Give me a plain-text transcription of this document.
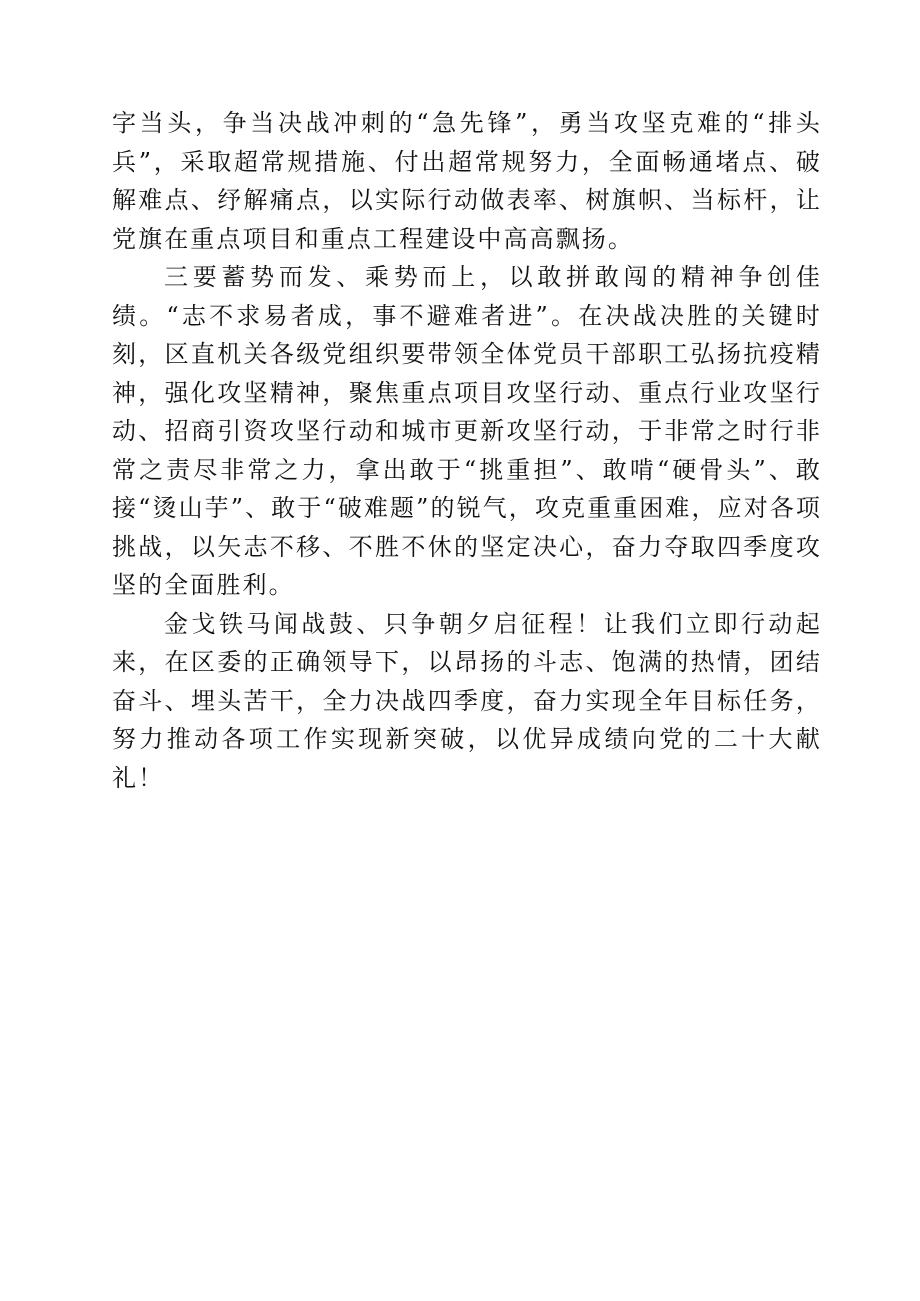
字当头，争当决战冲刺的“急先锋”，勇当攻坚克难的“排头兵”，采取超常规措施、付出超常规努力，全面畅通堵点、破解难点、纾解痛点，以实际行动做表率、树旗帜、当标杆，让党旗在重点项目和重点工程建设中高高飘扬。

三要蓄势而发、乘势而上，以敢拼敢闯的精神争创佳绩。“志不求易者成，事不避难者进”。在决战决胜的关键时刻，区直机关各级党组织要带领全体党员干部职工弘扬抗疫精神，强化攻坚精神，聚焦重点项目攻坚行动、重点行业攻坚行动、招商引资攻坚行动和城市更新攻坚行动，于非常之时行非常之责尽非常之力，拿出敢于“挑重担”、敢啃“硬骨头”、敢接“烫山芋”、敢于“破难题”的锐气，攻克重重困难，应对各项挑战，以矢志不移、不胜不休的坚定决心，奋力夺取四季度攻坚的全面胜利。

金戈铁马闻战鼓、只争朝夕启征程！让我们立即行动起来，在区委的正确领导下，以昂扬的斗志、饱满的热情，团结奋斗、埋头苦干，全力决战四季度，奋力实现全年目标任务，努力推动各项工作实现新突破，以优异成绩向党的二十大献礼！
